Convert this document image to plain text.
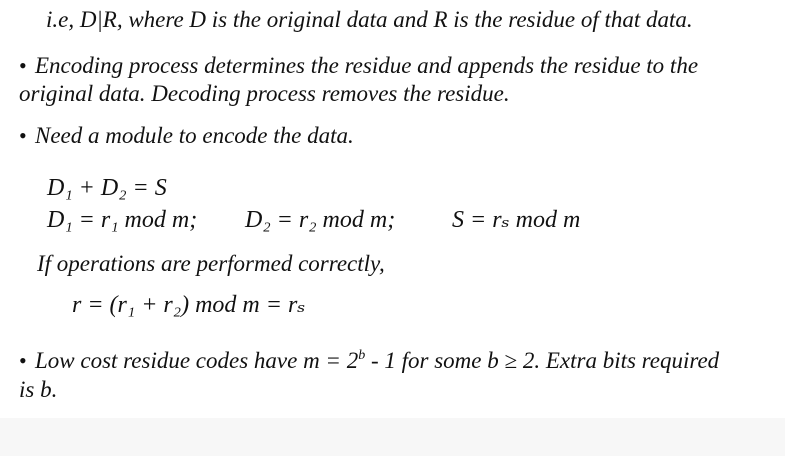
i.e, D|R, where D is the original data and R is the residue of that data.
• Encoding process determines the residue and appends the residue to the
original data. Decoding process removes the residue.
• Need a module to encode the data.
D₁ + D₂ = S
D₁ = r₁ mod m; D₂ = r₂ mod m; S = rₛ mod m
If operations are performed correctly,
r = (r₁ + r₂) mod m = rₛ
• Low cost residue codes have $m = 2^b - 1$ for some b ≥ 2. Extra bits required
is b.
